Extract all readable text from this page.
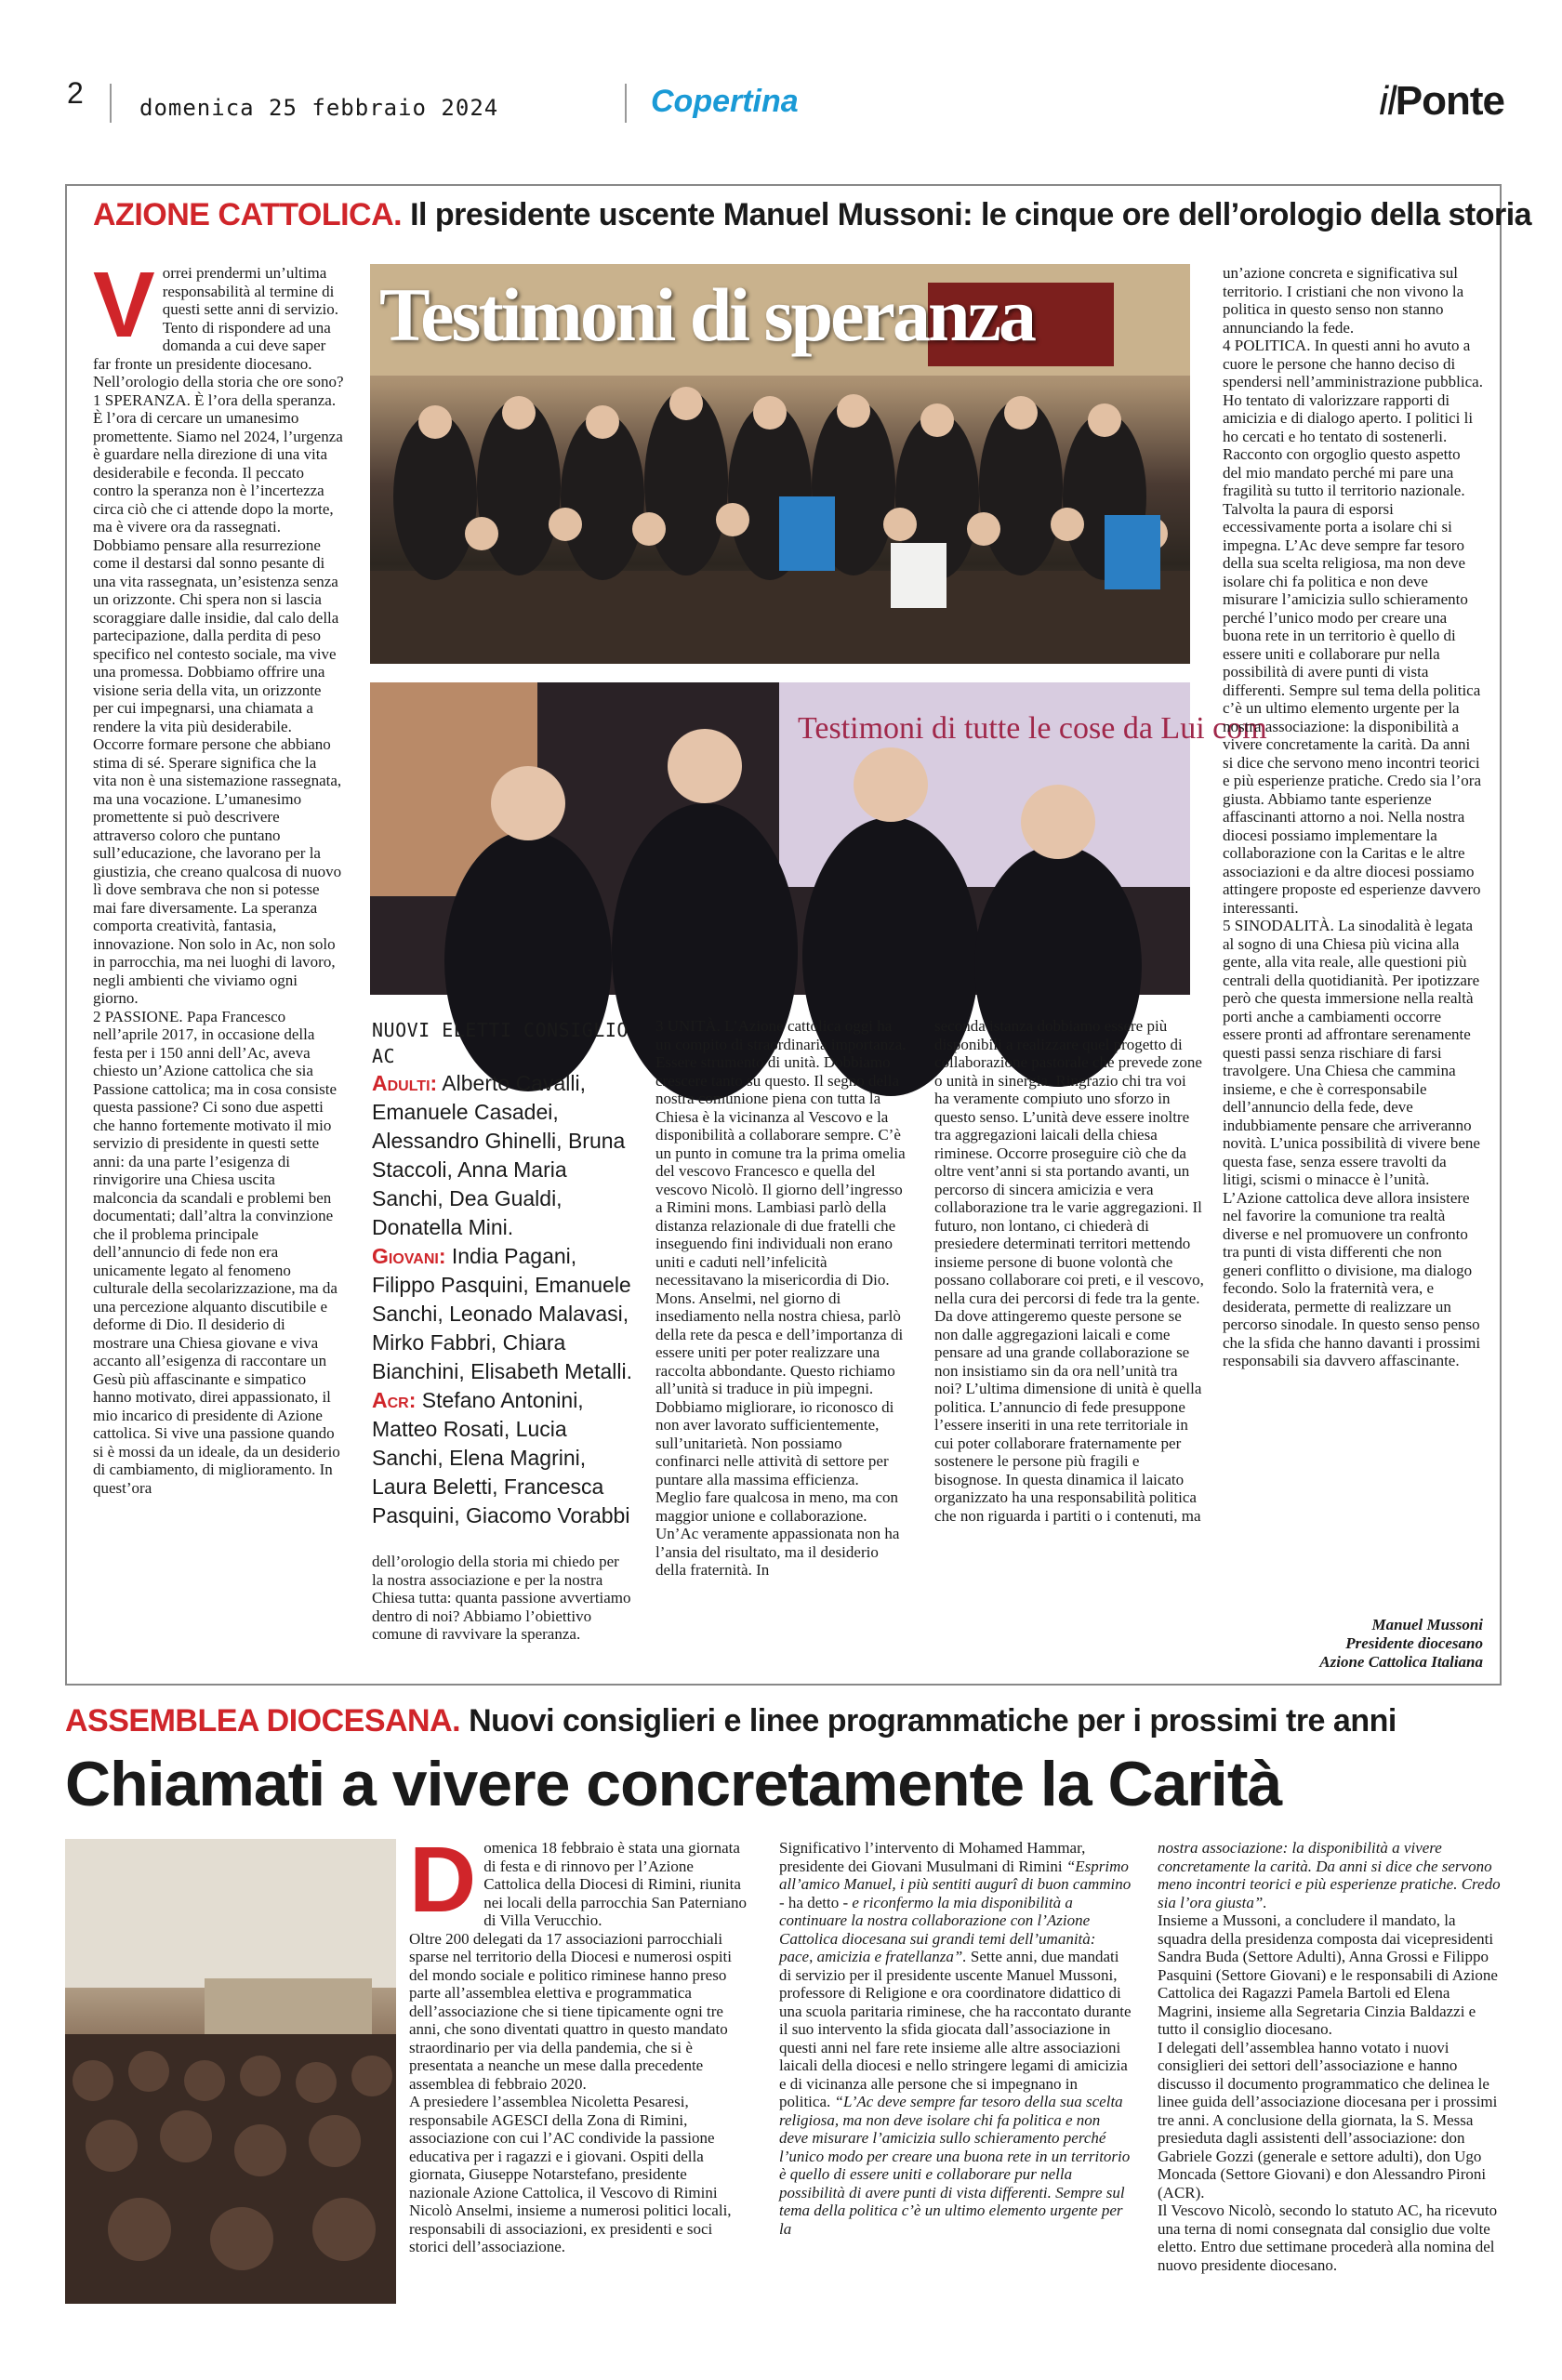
2	domenica 25 febbraio 2024	Copertina	ilPonte
AZIONE CATTOLICA. Il presidente uscente Manuel Mussoni: le cinque ore dell’orologio della storia
V orrei prendermi un’ultima responsabilità al termine di questi sette anni di servizio. Tento di rispondere ad una domanda a cui deve saper far fronte un presidente diocesano. Nell’orologio della storia che ore sono?

1 SPERANZA. È l’ora della speranza. È l’ora di cercare un umanesimo promettente. Siamo nel 2024, l’urgenza è guardare nella direzione di una vita desiderabile e feconda. Il peccato contro la speranza non è l’incertezza circa ciò che ci attende dopo la morte, ma è vivere ora da rassegnati. Dobbiamo pensare alla resurrezione come il destarsi dal sonno pesante di una vita rassegnata, un’esistenza senza un orizzonte. Chi spera non si lascia scoraggiare dalle insidie, dal calo della partecipazione, dalla perdita di peso specifico nel contesto sociale, ma vive una promessa. Dobbiamo offrire una visione seria della vita, un orizzonte per cui impegnarsi, una chiamata a rendere la vita più desiderabile. Occorre formare persone che abbiano stima di sé. Sperare significa che la vita non è una sistemazione rassegnata, ma una vocazione. L’umanesimo promettente si può descrivere attraverso coloro che puntano sull’educazione, che lavorano per la giustizia, che creano qualcosa di nuovo lì dove sembrava che non si potesse mai fare diversamente. La speranza comporta creatività, fantasia, innovazione. Non solo in Ac, non solo in parrocchia, ma nei luoghi di lavoro, negli ambienti che viviamo ogni giorno.

2 PASSIONE. Papa Francesco nell’aprile 2017, in occasione della festa per i 150 anni dell’Ac, aveva chiesto un’Azione cattolica che sia Passione cattolica; ma in cosa consiste questa passione? Ci sono due aspetti che hanno fortemente motivato il mio servizio di presidente in questi sette anni: da una parte l’esigenza di rinvigorire una Chiesa uscita malconcia da scandali e problemi ben documentati; dall’altra la convinzione che il problema principale dell’annuncio di fede non era unicamente legato al fenomeno culturale della secolarizzazione, ma da una percezione alquanto discutibile e deforme di Dio. Il desiderio di mostrare una Chiesa giovane e viva accanto all’esigenza di raccontare un Gesù più affascinante e simpatico hanno motivato, direi appassionato, il mio incarico di presidente di Azione cattolica. Si vive una passione quando si è mossi da un ideale, da un desiderio di cambiamento, di miglioramento. In quest’ora

Testimoni di speranza
Testimoni di tutte le cose da Lui com
NUOVI ELETTI CONSIGLIO AC
Adulti: Alberto Cavalli, Emanuele Casadei, Alessandro Ghinelli, Bruna Staccoli, Anna Maria Sanchi, Dea Gualdi, Donatella Mini.
Giovani: India Pagani, Filippo Pasquini, Emanuele Sanchi, Leonado Malavasi, Mirko Fabbri, Chiara Bianchini, Elisabeth Metalli.
Acr: Stefano Antonini, Matteo Rosati, Lucia Sanchi, Elena Magrini, Laura Beletti, Francesca Pasquini, Giacomo Vorabbi

dell’orologio della storia mi chiedo per la nostra associazione e per la nostra Chiesa tutta: quanta passione avvertiamo dentro di noi? Abbiamo l’obiettivo comune di ravvivare la speranza.

3 UNITÀ. L’Azione cattolica oggi ha un compito di straordinaria importanza. Essere strumento di unità. Dobbiamo crescere tanto su questo. Il segno della nostra comunione piena con tutta la Chiesa è la vicinanza al Vescovo e la disponibilità a collaborare sempre. C’è un punto in comune tra la prima omelia del vescovo Francesco e quella del vescovo Nicolò. Il giorno dell’ingresso a Rimini mons. Lambiasi parlò della distanza relazionale di due fratelli che inseguendo fini individuali non erano uniti e caduti nell’infelicità necessitavano la misericordia di Dio. Mons. Anselmi, nel giorno di insediamento nella nostra chiesa, parlò della rete da pesca e dell’importanza di essere uniti per poter realizzare una raccolta abbondante. Questo richiamo all’unità si traduce in più impegni. Dobbiamo migliorare, io riconosco di non aver lavorato sufficientemente, sull’unitarietà. Non possiamo confinarci nelle attività di settore per puntare alla massima efficienza. Meglio fare qualcosa in meno, ma con maggior unione e collaborazione. Un’Ac veramente appassionata non ha l’ansia del risultato, ma il desiderio della fraternità. In

seconda istanza dobbiamo essere più disponibili a realizzare quel progetto di collaborazione pastorale che prevede zone o unità in sinergia. Ringrazio chi tra voi ha veramente compiuto uno sforzo in questo senso. L’unità deve essere inoltre tra aggregazioni laicali della chiesa riminese. Occorre proseguire ciò che da oltre vent’anni si sta portando avanti, un percorso di sincera amicizia e vera collaborazione tra le varie aggregazioni. Il futuro, non lontano, ci chiederà di presiedere determinati territori mettendo insieme persone di buone volontà che possano collaborare coi preti, e il vescovo, nella cura dei percorsi di fede tra la gente. Da dove attingeremo queste persone se non dalle aggregazioni laicali e come pensare ad una grande collaborazione se non insistiamo sin da ora nell’unità tra noi? L’ultima dimensione di unità è quella politica. L’annuncio di fede presuppone l’essere inseriti in una rete territoriale in cui poter collaborare fraternamente per sostenere le persone più fragili e bisognose. In questa dinamica il laicato organizzato ha una responsabilità politica che non riguarda i partiti o i contenuti, ma

un’azione concreta e significativa sul territorio. I cristiani che non vivono la politica in questo senso non stanno annunciando la fede.

4 POLITICA. In questi anni ho avuto a cuore le persone che hanno deciso di spendersi nell’amministrazione pubblica. Ho tentato di valorizzare rapporti di amicizia e di dialogo aperto. I politici li ho cercati e ho tentato di sostenerli. Racconto con orgoglio questo aspetto del mio mandato perché mi pare una fragilità su tutto il territorio nazionale. Talvolta la paura di esporsi eccessivamente porta a isolare chi si impegna. L’Ac deve sempre far tesoro della sua scelta religiosa, ma non deve isolare chi fa politica e non deve misurare l’amicizia sullo schieramento perché l’unico modo per creare una buona rete in un territorio è quello di essere uniti e collaborare pur nella possibilità di avere punti di vista differenti. Sempre sul tema della politica c’è un ultimo elemento urgente per la nostra associazione: la disponibilità a vivere concretamente la carità. Da anni si dice che servono meno incontri teorici e più esperienze pratiche. Credo sia l’ora giusta. Abbiamo tante esperienze affascinanti attorno a noi. Nella nostra diocesi possiamo implementare la collaborazione con la Caritas e le altre associazioni e da altre diocesi possiamo attingere proposte ed esperienze davvero interessanti.

5 SINODALITÀ. La sinodalità è legata al sogno di una Chiesa più vicina alla gente, alla vita reale, alle questioni più centrali della quotidianità. Per ipotizzare però che questa immersione nella realtà porti anche a cambiamenti occorre essere pronti ad affrontare serenamente questi passi senza rischiare di farsi travolgere. Una Chiesa che cammina insieme, e che è corresponsabile dell’annuncio della fede, deve indubbiamente pensare che arriveranno novità. L’unica possibilità di vivere bene questa fase, senza essere travolti da litigi, scismi o minacce è l’unità. L’Azione cattolica deve allora insistere nel favorire la comunione tra realtà diverse e nel promuovere un confronto tra punti di vista differenti che non generi conflitto o divisione, ma dialogo fecondo. Solo la fraternità vera, e desiderata, permette di realizzare un percorso sinodale. In questo senso penso che la sfida che hanno davanti i prossimi responsabili sia davvero affascinante.

Manuel Mussoni
Presidente diocesano
Azione Cattolica Italiana
ASSEMBLEA DIOCESANA. Nuovi consiglieri e linee programmatiche per i prossimi tre anni
Chiamati a vivere concretamente la Carità
D omenica 18 febbraio è stata una giornata di festa e di rinnovo per l’Azione Cattolica della Diocesi di Rimini, riunita nei locali della parrocchia San Paterniano di Villa Verucchio.

Oltre 200 delegati da 17 associazioni parrocchiali sparse nel territorio della Diocesi e numerosi ospiti del mondo sociale e politico riminese hanno preso parte all’assemblea elettiva e programmatica dell’associazione che si tiene tipicamente ogni tre anni, che sono diventati quattro in questo mandato straordinario per via della pandemia, che si è presentata a neanche un mese dalla precedente assemblea di febbraio 2020.

A presiedere l’assemblea Nicoletta Pesaresi, responsabile AGESCI della Zona di Rimini, associazione con cui l’AC condivide la passione educativa per i ragazzi e i giovani. Ospiti della giornata, Giuseppe Notarstefano, presidente nazionale Azione Cattolica, il Vescovo di Rimini Nicolò Anselmi, insieme a numerosi politici locali, responsabili di associazioni, ex presidenti e soci storici dell’associazione.

Significativo l’intervento di Mohamed Hammar, presidente dei Giovani Musulmani di Rimini “Esprimo all’amico Manuel, i più sentiti augurî di buon cammino - ha detto - e riconfermo la mia disponibilità a continuare la nostra collaborazione con l’Azione Cattolica diocesana sui grandi temi dell’umanità: pace, amicizia e fratellanza”. Sette anni, due mandati di servizio per il presidente uscente Manuel Mussoni, professore di Religione e ora coordinatore didattico di una scuola paritaria riminese, che ha raccontato durante il suo intervento la sfida giocata dall’associazione in questi anni nel fare rete insieme alle altre associazioni laicali della diocesi e nello stringere legami di amicizia e di vicinanza alle persone che si impegnano in politica. “L’Ac deve sempre far tesoro della sua scelta religiosa, ma non deve isolare chi fa politica e non deve misurare l’amicizia sullo schieramento perché l’unico modo per creare una buona rete in un territorio è quello di essere uniti e collaborare pur nella possibilità di avere punti di vista differenti. Sempre sul tema della politica c’è un ultimo elemento urgente per la

nostra associazione: la disponibilità a vivere concretamente la carità. Da anni si dice che servono meno incontri teorici e più esperienze pratiche. Credo sia l’ora giusta”.

Insieme a Mussoni, a concludere il mandato, la squadra della presidenza composta dai vicepresidenti Sandra Buda (Settore Adulti), Anna Grossi e Filippo Pasquini (Settore Giovani) e le responsabili di Azione Cattolica dei Ragazzi Pamela Bartoli ed Elena Magrini, insieme alla Segretaria Cinzia Baldazzi e tutto il consiglio diocesano.

I delegati dell’assemblea hanno votato i nuovi consiglieri dei settori dell’associazione e hanno discusso il documento programmatico che delinea le linee guida dell’associazione diocesana per i prossimi tre anni. A conclusione della giornata, la S. Messa presieduta dagli assistenti dell’associazione: don Gabriele Gozzi (generale e settore adulti), don Ugo Moncada (Settore Giovani) e don Alessandro Pironi (ACR).

Il Vescovo Nicolò, secondo lo statuto AC, ha ricevuto una terna di nomi consegnata dal consiglio due volte eletto. Entro due settimane procederà alla nomina del nuovo presidente diocesano.
